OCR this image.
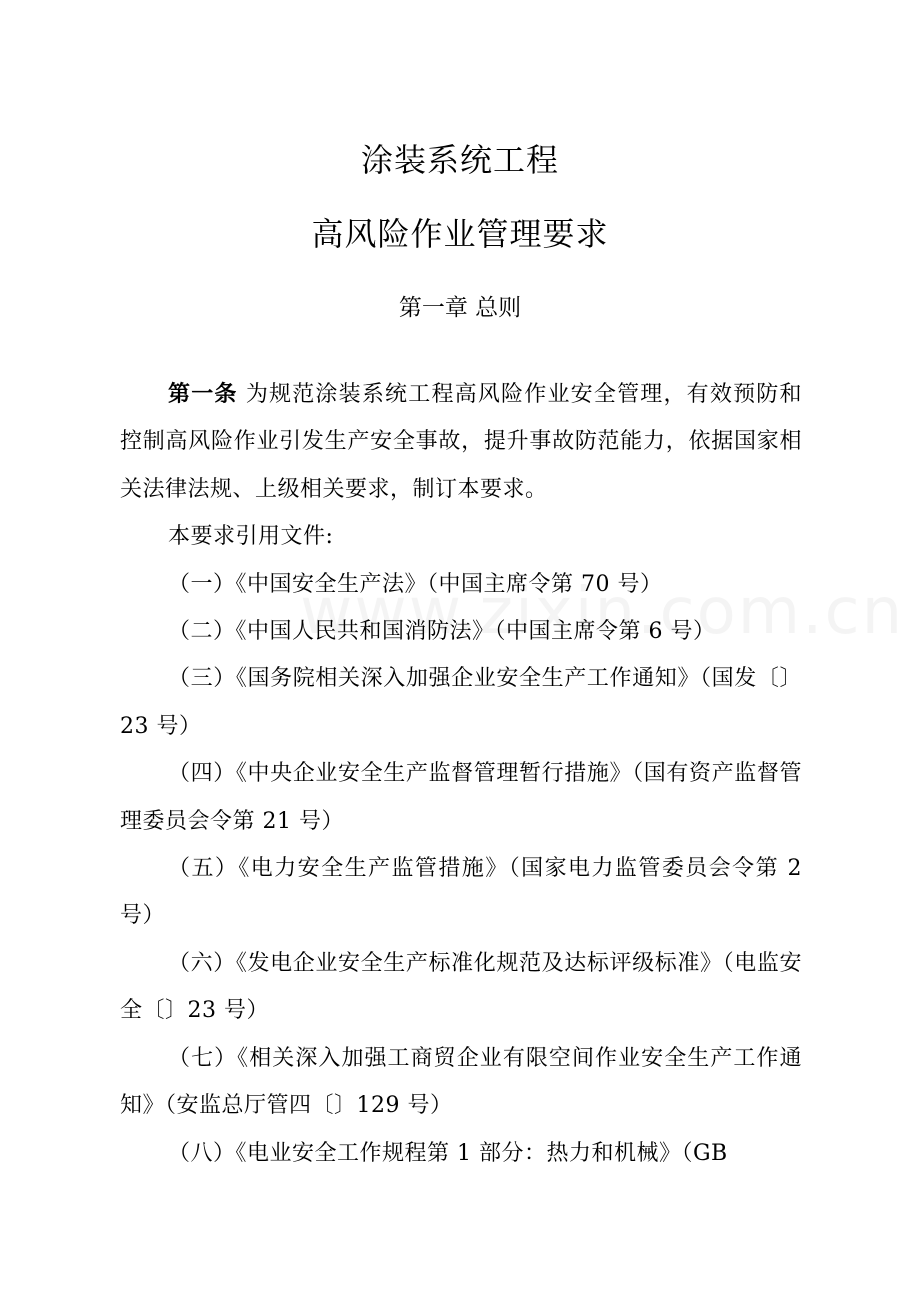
涂装系统工程
高风险作业管理要求
第一章 总则

第一条 为规范涂装系统工程高风险作业安全管理，有效预防和控制高风险作业引发生产安全事故，提升事故防范能力，依据国家相关法律法规、上级相关要求，制订本要求。

本要求引用文件:

（一）《中国安全生产法》（中国主席令第 70 号）

（二）《中国人民共和国消防法》（中国主席令第 6 号）

（三）《国务院相关深入加强企业安全生产工作通知》（国发〔〕23 号）

（四）《中央企业安全生产监督管理暂行措施》（国有资产监督管理委员会令第 21 号）

（五）《电力安全生产监管措施》（国家电力监管委员会令第 2 号）

（六）《发电企业安全生产标准化规范及达标评级标准》（电监安全〔〕23 号）

（七）《相关深入加强工商贸企业有限空间作业安全生产工作通知》（安监总厅管四〔〕129 号）

（八）《电业安全工作规程第 1 部分：热力和机械》（GB
